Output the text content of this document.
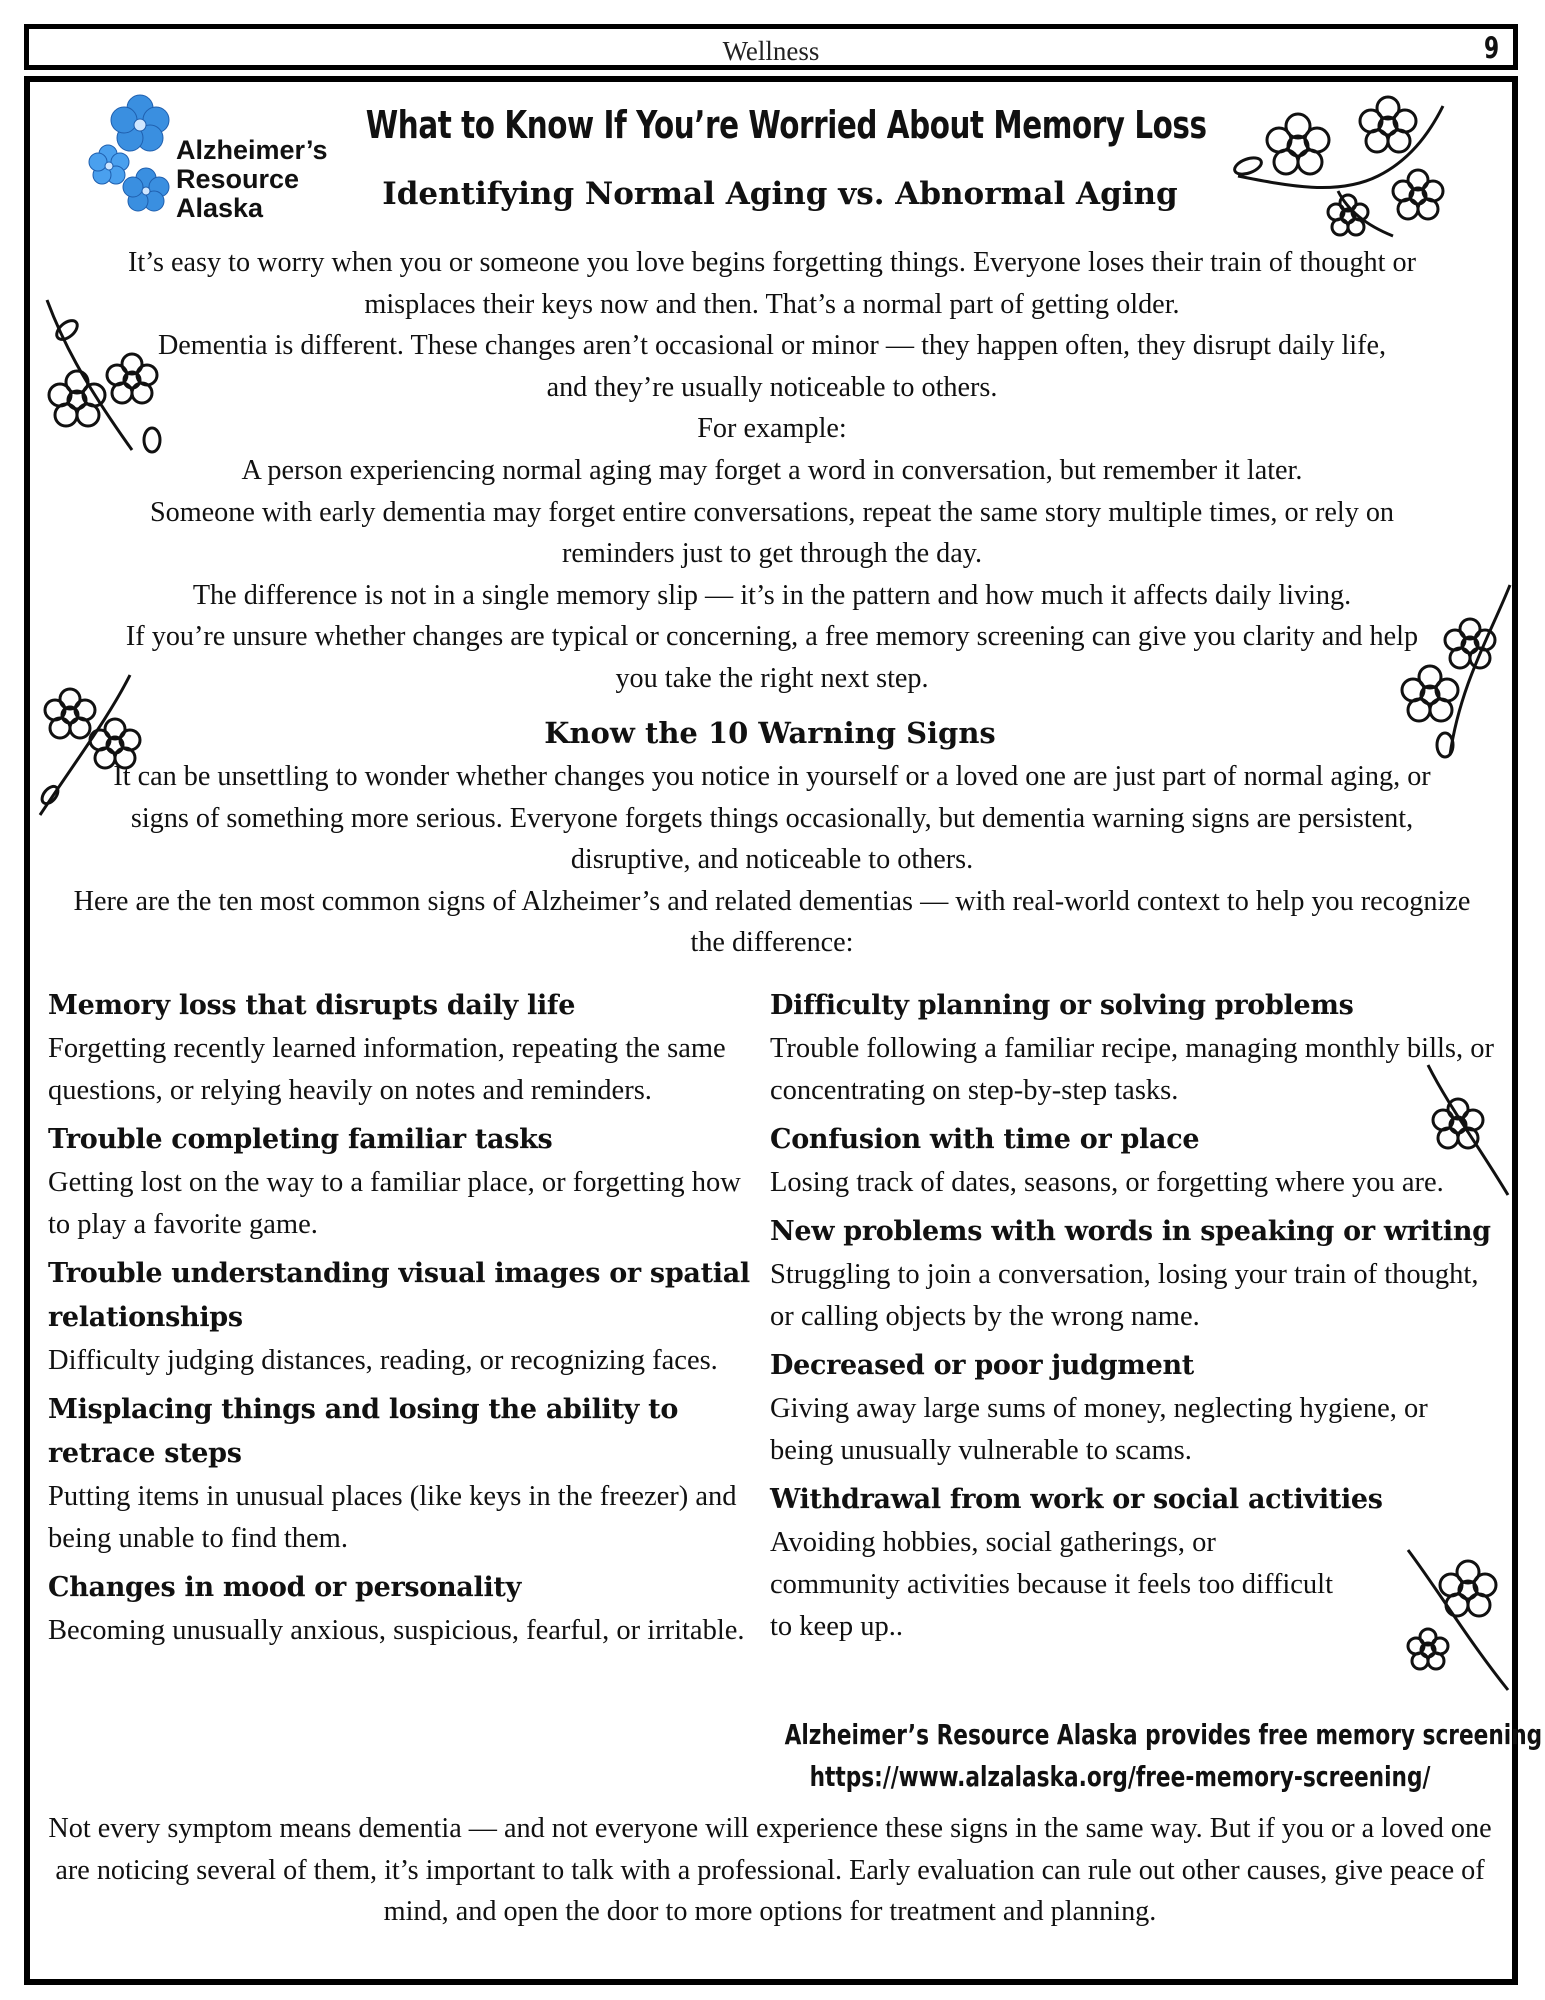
Wellness	9
Alzheimer’s
Resource
Alaska
What to Know If You’re Worried About Memory Loss
Identifying Normal Aging vs. Abnormal Aging

It’s easy to worry when you or someone you love begins forgetting things. Everyone loses their train of thought or misplaces their keys now and then. That’s a normal part of getting older.

Dementia is different. These changes aren’t occasional or minor — they happen often, they disrupt daily life, and they’re usually noticeable to others.

For example:

A person experiencing normal aging may forget a word in conversation, but remember it later.

Someone with early dementia may forget entire conversations, repeat the same story multiple times, or rely on reminders just to get through the day.

The difference is not in a single memory slip — it’s in the pattern and how much it affects daily living.

If you’re unsure whether changes are typical or concerning, a free memory screening can give you clarity and help you take the right next step.

Know the 10 Warning Signs

It can be unsettling to wonder whether changes you notice in yourself or a loved one are just part of normal aging, or signs of something more serious. Everyone forgets things occasionally, but dementia warning signs are persistent, disruptive, and noticeable to others.

Here are the ten most common signs of Alzheimer’s and related dementias — with real-world context to help you recognize the difference:

Memory loss that disrupts daily life

Forgetting recently learned information, repeating the same questions, or relying heavily on notes and reminders.

Trouble completing familiar tasks

Getting lost on the way to a familiar place, or forgetting how to play a favorite game.

Trouble understanding visual images or spatial relationships

Difficulty judging distances, reading, or recognizing faces.

Misplacing things and losing the ability to retrace steps

Putting items in unusual places (like keys in the freezer) and being unable to find them.

Changes in mood or personality

Becoming unusually anxious, suspicious, fearful, or irritable.

Difficulty planning or solving problems

Trouble following a familiar recipe, managing monthly bills, or concentrating on step-by-step tasks.

Confusion with time or place

Losing track of dates, seasons, or forgetting where you are.

New problems with words in speaking or writing

Struggling to join a conversation, losing your train of thought, or calling objects by the wrong name.

Decreased or poor judgment

Giving away large sums of money, neglecting hygiene, or being unusually vulnerable to scams.

Withdrawal from work or social activities

Avoiding hobbies, social gatherings, or community activities because it feels too difficult to keep up..

Alzheimer’s Resource Alaska provides free memory screening
https://www.alzalaska.org/free-memory-screening/
Not every symptom means dementia — and not everyone will experience these signs in the same way. But if you or a loved one are noticing several of them, it’s important to talk with a professional. Early evaluation can rule out other causes, give peace of mind, and open the door to more options for treatment and planning.
